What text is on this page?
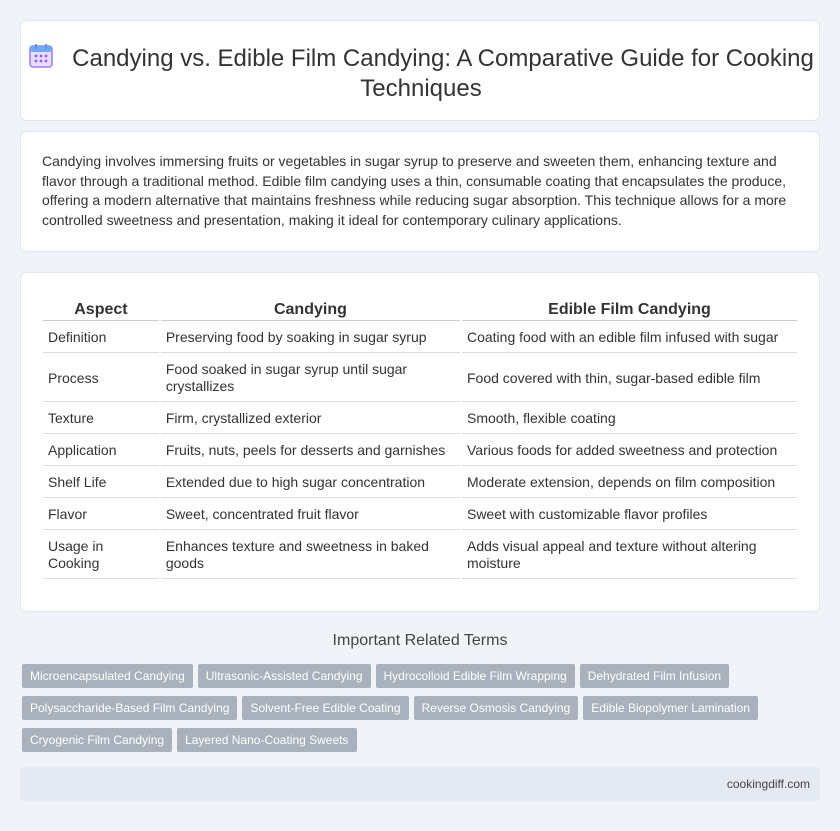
Candying vs. Edible Film Candying: A Comparative Guide for Cooking Techniques

Candying involves immersing fruits or vegetables in sugar syrup to preserve and sweeten them, enhancing texture and flavor through a traditional method. Edible film candying uses a thin, consumable coating that encapsulates the produce, offering a modern alternative that maintains freshness while reducing sugar absorption. This technique allows for a more controlled sweetness and presentation, making it ideal for contemporary culinary applications.

Aspect	Candying	Edible Film Candying
Definition	Preserving food by soaking in sugar syrup	Coating food with an edible film infused with sugar
Process	Food soaked in sugar syrup until sugar crystallizes	Food covered with thin, sugar-based edible film
Texture	Firm, crystallized exterior	Smooth, flexible coating
Application	Fruits, nuts, peels for desserts and garnishes	Various foods for added sweetness and protection
Shelf Life	Extended due to high sugar concentration	Moderate extension, depends on film composition
Flavor	Sweet, concentrated fruit flavor	Sweet with customizable flavor profiles
Usage in Cooking	Enhances texture and sweetness in baked goods	Adds visual appeal and texture without altering moisture
Important Related Terms
Microencapsulated Candying Ultrasonic-Assisted Candying Hydrocolloid Edible Film Wrapping Dehydrated Film Infusion
Polysaccharide-Based Film Candying Solvent-Free Edible Coating Reverse Osmosis Candying Edible Biopolymer Lamination
Cryogenic Film Candying Layered Nano-Coating Sweets
cookingdiff.com
